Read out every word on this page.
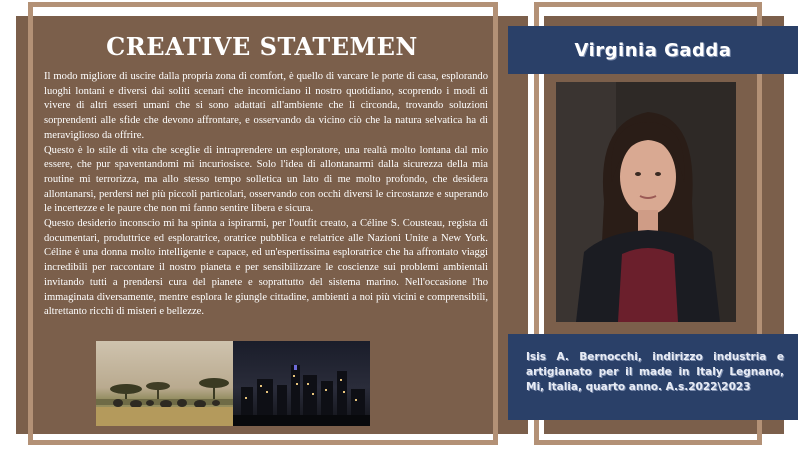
CREATIVE STATEMEN

Il modo migliore di uscire dalla propria zona di comfort, è quello di varcare le porte di casa, esplorando luoghi lontani e diversi dai soliti scenari che incorniciano il nostro quotidiano, scoprendo i modi di vivere di altri esseri umani che si sono adattati all'ambiente che li circonda, trovando soluzioni sorprendenti alle sfide che devono affrontare, e osservando da vicino ciò che la natura selvatica ha di meraviglioso da offrire.

Questo è lo stile di vita che sceglie di intraprendere un esploratore, una realtà molto lontana dal mio essere, che pur spaventandomi mi incuriosisce. Solo l'idea di allontanarmi dalla sicurezza della mia routine mi terrorizza, ma allo stesso tempo solletica un lato di me molto profondo, che desidera allontanarsi, perdersi nei più piccoli particolari, osservando con occhi diversi le circostanze e superando le incertezze e le paure che non mi fanno sentire libera e sicura.

Questo desiderio inconscio mi ha spinta a ispirarmi, per l'outfit creato, a Céline S. Cousteau, regista di documentari, produttrice ed esploratrice, oratrice pubblica e relatrice alle Nazioni Unite a New York. Céline è una donna molto intelligente e capace, ed un'espertissima esploratrice che ha affrontato viaggi incredibili per raccontare il nostro pianeta e per sensibilizzare le coscienze sui problemi ambientali invitando tutti a prendersi cura del pianete e soprattutto del sistema marino. Nell'occasione l'ho immaginata diversamente, mentre esplora le giungle cittadine, ambienti a noi più vicini e comprensibili, altrettanto ricchi di misteri e bellezze.

Virginia Gadda

Isis A. Bernocchi, indirizzo industria e artigianato per il made in Italy Legnano, Mi, Italia, quarto anno. A.s.2022\2023
